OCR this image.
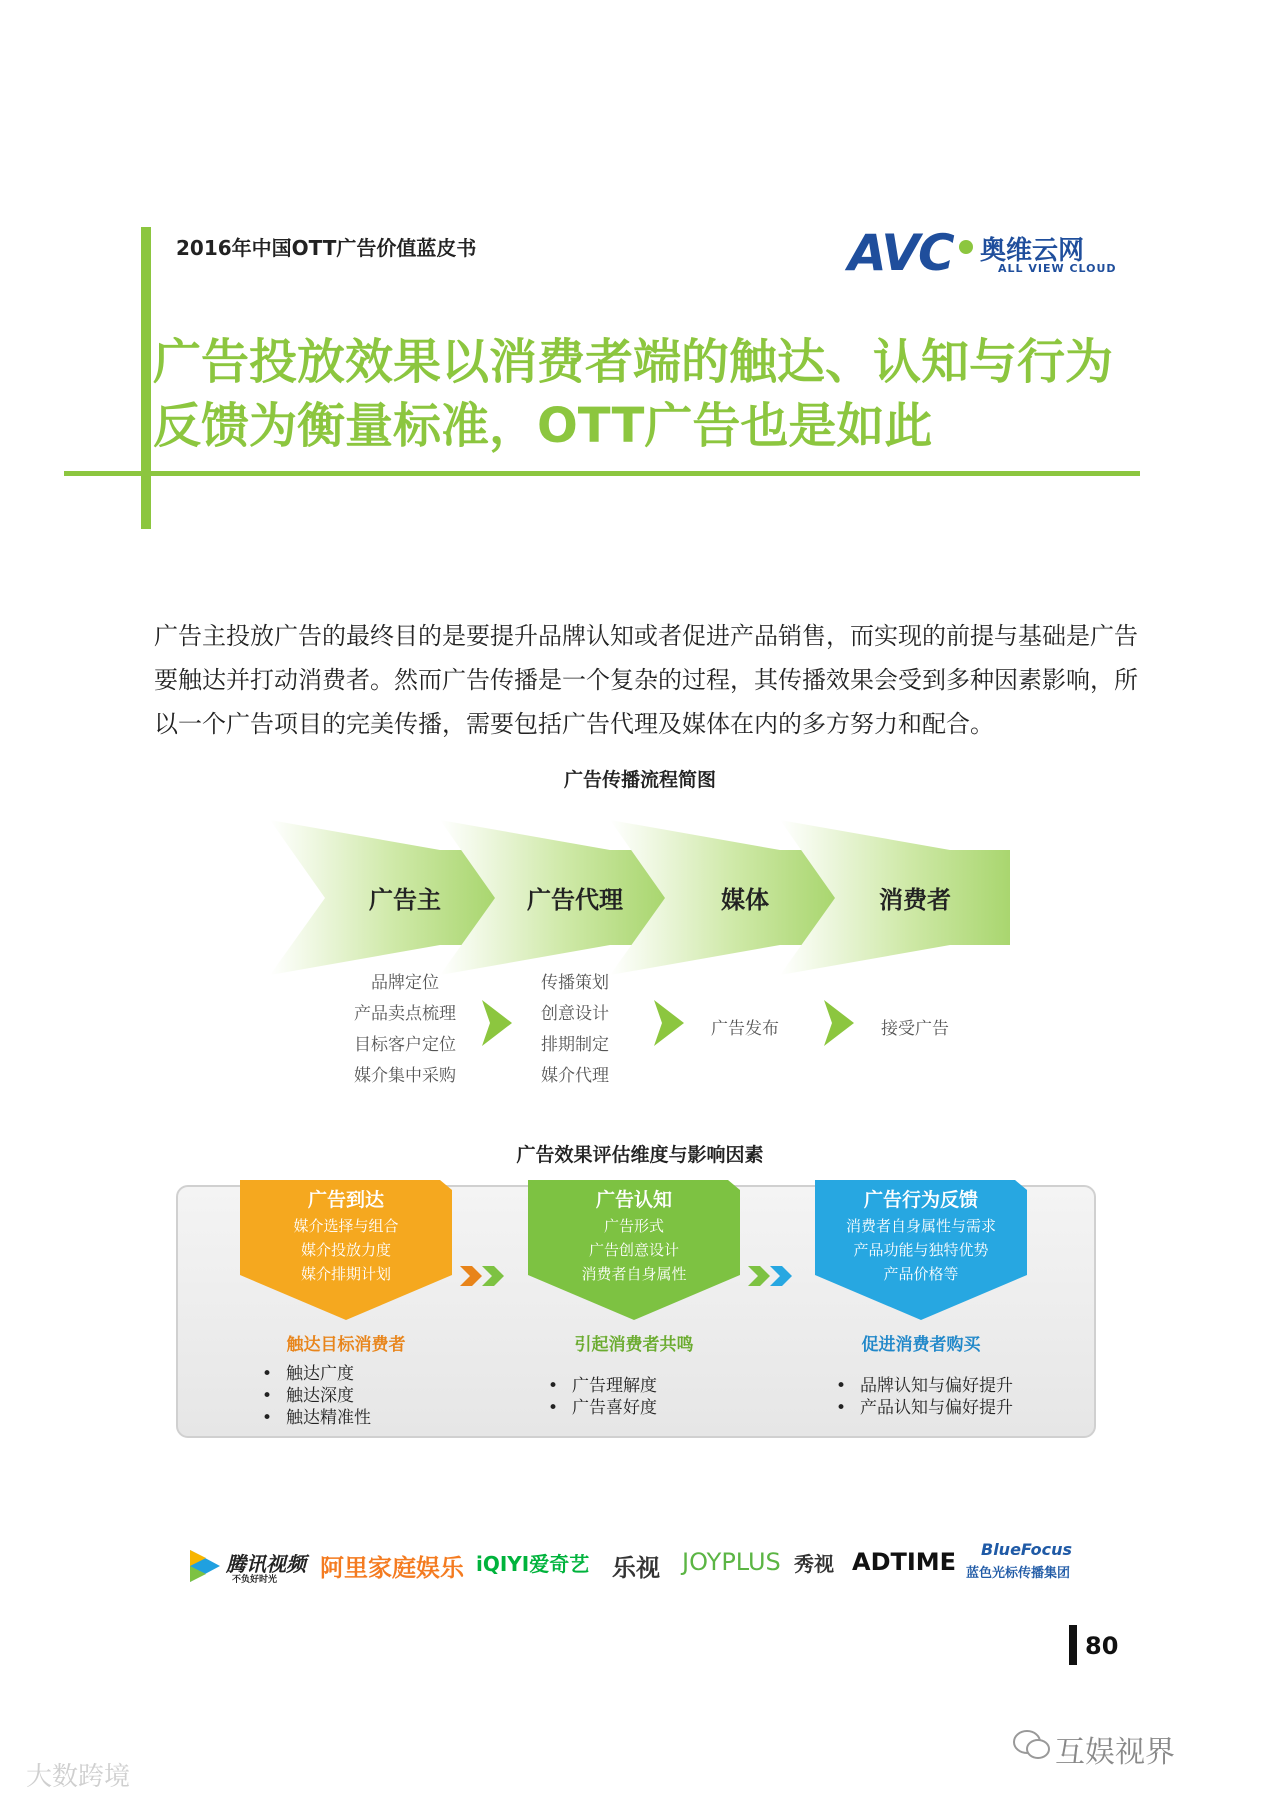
2016年中国OTT广告价值蓝皮书	AVC	奥维云网
ALL VIEW CLOUD
广告投放效果以消费者端的触达、认知与行为
反馈为衡量标准，OTT广告也是如此
广告主投放广告的最终目的是要提升品牌认知或者促进产品销售，而实现的前提与基础是广告要触达并打动消费者。然而广告传播是一个复杂的过程，其传播效果会受到多种因素影响，所以一个广告项目的完美传播，需要包括广告代理及媒体在内的多方努力和配合。
广告传播流程简图
广告主	广告代理	媒体	消费者
品牌定位
产品卖点梳理
目标客户定位
媒介集中采购
传播策划
创意设计
排期制定
媒介代理
广告发布	接受广告
广告效果评估维度与影响因素
广告到达
媒介选择与组合
媒介投放力度
媒介排期计划
触达目标消费者
• 触达广度
• 触达深度
• 触达精准性
广告认知
广告形式
广告创意设计
消费者自身属性
引起消费者共鸣
• 广告理解度
• 广告喜好度
广告行为反馈
消费者自身属性与需求
产品功能与独特优势
产品价格等
促进消费者购买
• 品牌认知与偏好提升
• 产品认知与偏好提升
腾讯视频
不负好时光 阿里家庭娱乐 iQIYI爱奇艺 乐视 JOYPLUS 秀视 ADTIME BlueFocus
蓝色光标传播集团
80
互娱视界
大数跨境
